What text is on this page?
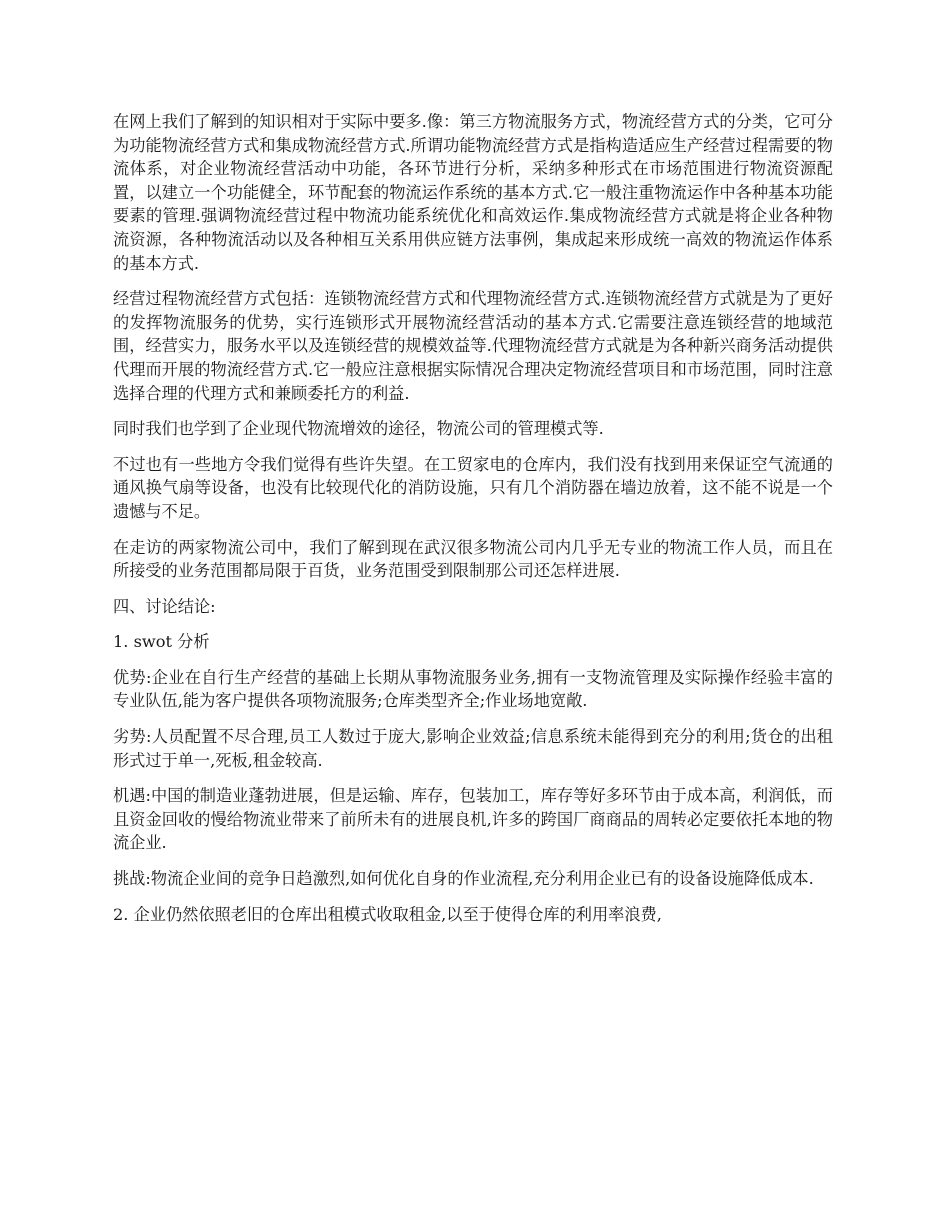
在网上我们了解到的知识相对于实际中要多.像：第三方物流服务方式，物流经营方式的分类，它可分为功能物流经营方式和集成物流经营方式.所谓功能物流经营方式是指构造适应生产经营过程需要的物流体系，对企业物流经营活动中功能，各环节进行分析，采纳多种形式在市场范围进行物流资源配置，以建立一个功能健全，环节配套的物流运作系统的基本方式.它一般注重物流运作中各种基本功能要素的管理.强调物流经营过程中物流功能系统优化和高效运作.集成物流经营方式就是将企业各种物流资源，各种物流活动以及各种相互关系用供应链方法事例，集成起来形成统一高效的物流运作体系的基本方式.

经营过程物流经营方式包括：连锁物流经营方式和代理物流经营方式.连锁物流经营方式就是为了更好的发挥物流服务的优势，实行连锁形式开展物流经营活动的基本方式.它需要注意连锁经营的地域范围，经营实力，服务水平以及连锁经营的规模效益等.代理物流经营方式就是为各种新兴商务活动提供代理而开展的物流经营方式.它一般应注意根据实际情况合理决定物流经营项目和市场范围，同时注意选择合理的代理方式和兼顾委托方的利益.

同时我们也学到了企业现代物流增效的途径，物流公司的管理模式等.

不过也有一些地方令我们觉得有些许失望。在工贸家电的仓库内，我们没有找到用来保证空气流通的通风换气扇等设备，也没有比较现代化的消防设施，只有几个消防器在墙边放着，这不能不说是一个遗憾与不足。

在走访的两家物流公司中，我们了解到现在武汉很多物流公司内几乎无专业的物流工作人员，而且在所接受的业务范围都局限于百货，业务范围受到限制那公司还怎样进展.

四、讨论结论:

1. swot 分析

优势:企业在自行生产经营的基础上长期从事物流服务业务,拥有一支物流管理及实际操作经验丰富的专业队伍,能为客户提供各项物流服务;仓库类型齐全;作业场地宽敞.

劣势:人员配置不尽合理,员工人数过于庞大,影响企业效益;信息系统未能得到充分的利用;货仓的出租形式过于单一,死板,租金较高.

机遇:中国的制造业蓬勃进展，但是运输、库存，包装加工，库存等好多环节由于成本高，利润低，而且资金回收的慢给物流业带来了前所未有的进展良机,许多的跨国厂商商品的周转必定要依托本地的物流企业.

挑战:物流企业间的竞争日趋激烈,如何优化自身的作业流程,充分利用企业已有的设备设施降低成本.

2. 企业仍然依照老旧的仓库出租模式收取租金,以至于使得仓库的利用率浪费,
